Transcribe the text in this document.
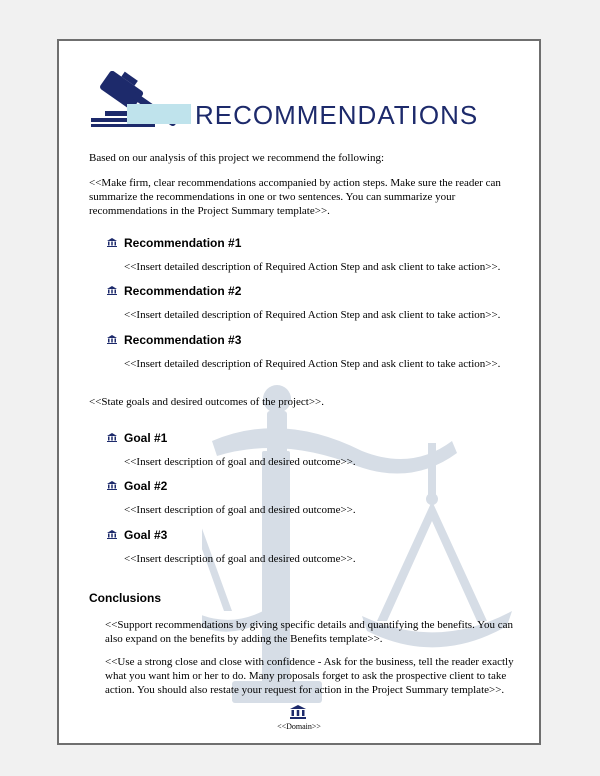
RECOMMENDATIONS
Based on our analysis of this project we recommend the following:
<<Make firm, clear recommendations accompanied by action steps. Make sure the reader can summarize the recommendations in one or two sentences. You can summarize your recommendations in the Project Summary template>>.
Recommendation #1
<<Insert detailed description of Required Action Step and ask client to take action>>.
Recommendation #2
<<Insert detailed description of Required Action Step and ask client to take action>>.
Recommendation #3
<<Insert detailed description of Required Action Step and ask client to take action>>.
<<State goals and desired outcomes of the project>>.
Goal #1
<<Insert description of goal and desired outcome>>.
Goal #2
<<Insert description of goal and desired outcome>>.
Goal #3
<<Insert description of goal and desired outcome>>.
Conclusions
<<Support recommendations by giving specific details and quantifying the benefits. You can also expand on the benefits by adding the Benefits template>>.
<<Use a strong close and close with confidence - Ask for the business, tell the reader exactly what you want him or her to do. Many proposals forget to ask the prospective client to take action. You should also restate your request for action in the Project Summary template>>.
<<Domain>>
